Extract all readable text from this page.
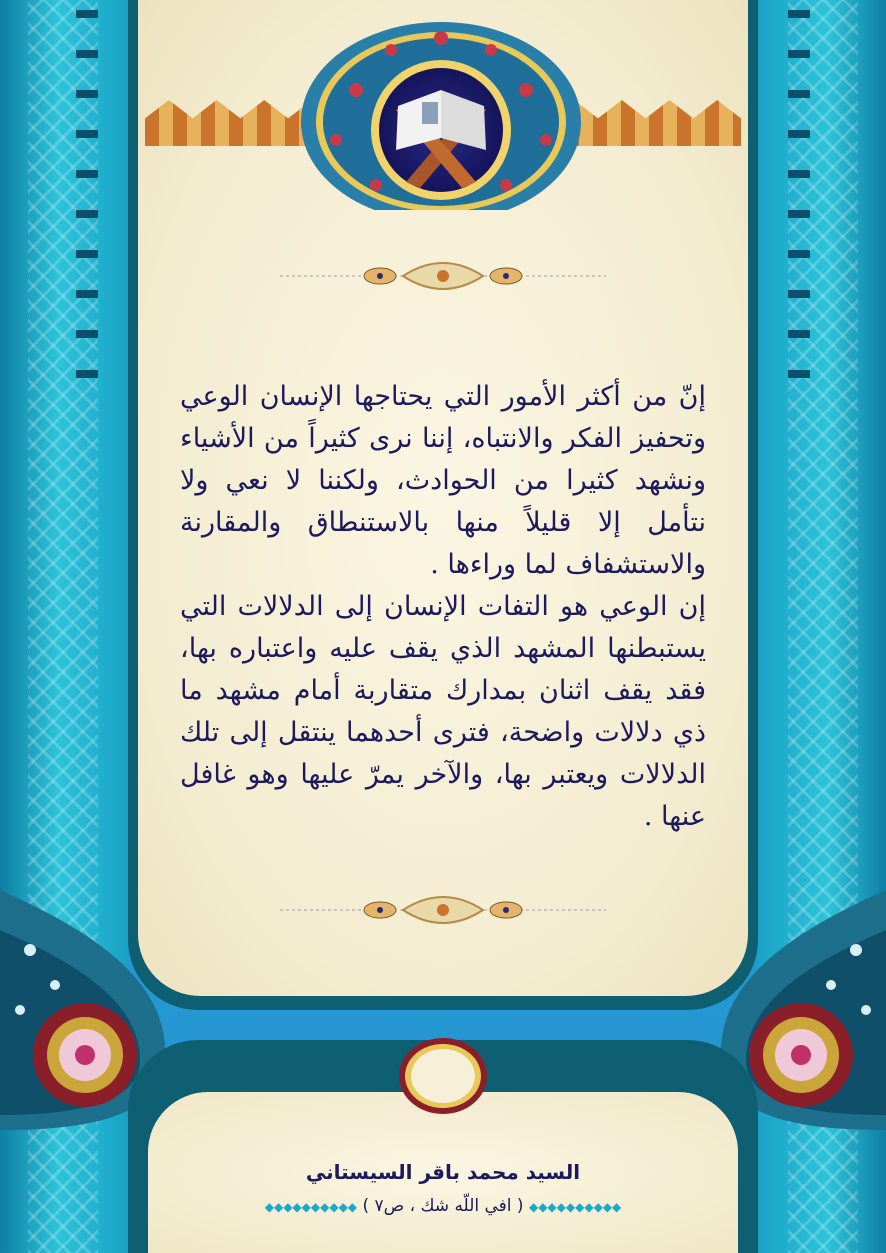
إنّ من أكثر الأمور التي يحتاجها الإنسان الوعي وتحفيز الفكر والانتباه، إننا نرى كثيراً من الأشياء ونشهد كثيرا من الحوادث، ولكننا لا نعي ولا نتأمل إلا قليلاً منها بالاستنطاق والمقارنة والاستشفاف لما وراءها .

إن الوعي هو التفات الإنسان إلى الدلالات التي يستبطنها المشهد الذي يقف عليه واعتباره بها، فقد يقف اثنان بمدارك متقاربة أمام مشهد ما ذي دلالات واضحة، فترى أحدهما ينتقل إلى تلك الدلالات ويعتبر بها، والآخر يمرّ عليها وهو غافل عنها .

السيد محمد باقر السيستاني
◆◆◆◆◆◆◆◆◆◆ ( افي اللّه شك ، ص٧ ) ◆◆◆◆◆◆◆◆◆◆
